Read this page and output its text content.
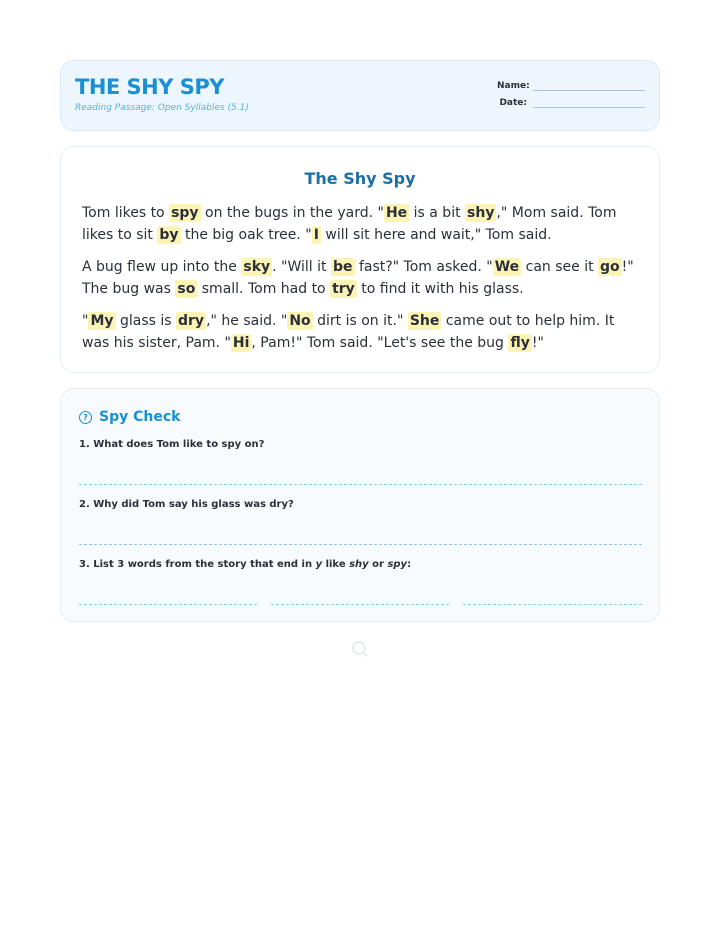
THE SHY SPY
Reading Passage: Open Syllables (5.1)
Name:
Date:
The Shy Spy

Tom likes to spy on the bugs in the yard. " He is a bit shy ," Mom said. Tom likes to sit by the big oak tree. " I will sit here and wait," Tom said.

A bug flew up into the sky . "Will it be fast?" Tom asked. " We can see it go !" The bug was so small. Tom had to try to find it with his glass.

" My glass is dry ," he said. " No dirt is on it." She came out to help him. It was his sister, Pam. " Hi , Pam!" Tom said. "Let's see the bug fly !"

? Spy Check
1. What does Tom like to spy on?
2. Why did Tom say his glass was dry?
3. List 3 words from the story that end in y like shy or spy:
